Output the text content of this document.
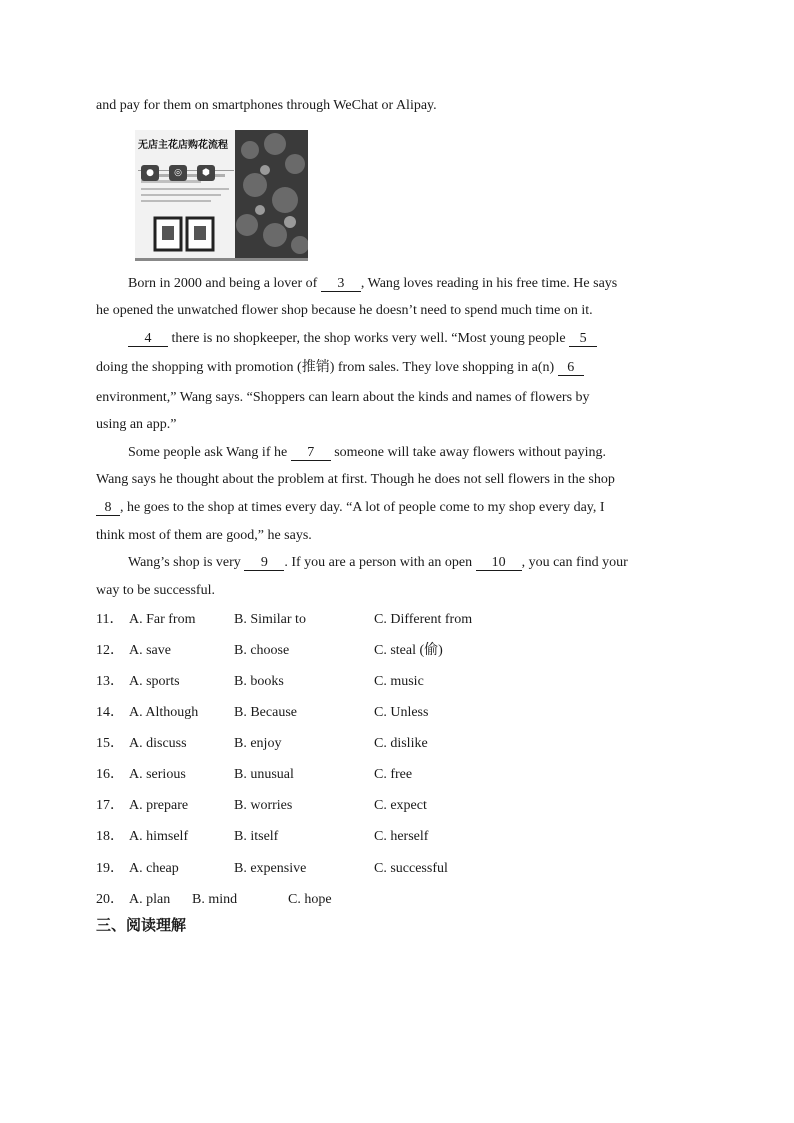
and pay for them on smartphones through WeChat or Alipay.
无店主花店购花流程
● ◎ ⬢
Born in 2000 and being a lover of 3 , Wang loves reading in his free time. He says
he opened the unwatched flower shop because he doesn’t need to spend much time on it.
4 there is no shopkeeper, the shop works very well. “Most young people 5
doing the shopping with promotion (推销) from sales. They love shopping in a(n) 6
environment,” Wang says. “Shoppers can learn about the kinds and names of flowers by
using an app.”
Some people ask Wang if he 7 someone will take away flowers without paying.
Wang says he thought about the problem at first. Though he does not sell flowers in the shop
8 , he goes to the shop at times every day. “A lot of people come to my shop every day, I
think most of them are good,” he says.
Wang’s shop is very 9 . If you are a person with an open 10 , you can find your
way to be successful.
11． A. Far from	B. Similar to	C. Different from
12． A. save	B. choose	C. steal (偷)
13． A. sports	B. books	C. music
14． A. Although	B. Because	C. Unless
15． A. discuss	B. enjoy	C. dislike
16． A. serious	B. unusual	C. free
17． A. prepare	B. worries	C. expect
18． A. himself	B. itself	C. herself
19． A. cheap	B. expensive	C. successful
20． A. plan B. mind	C. hope
三、阅读理解
